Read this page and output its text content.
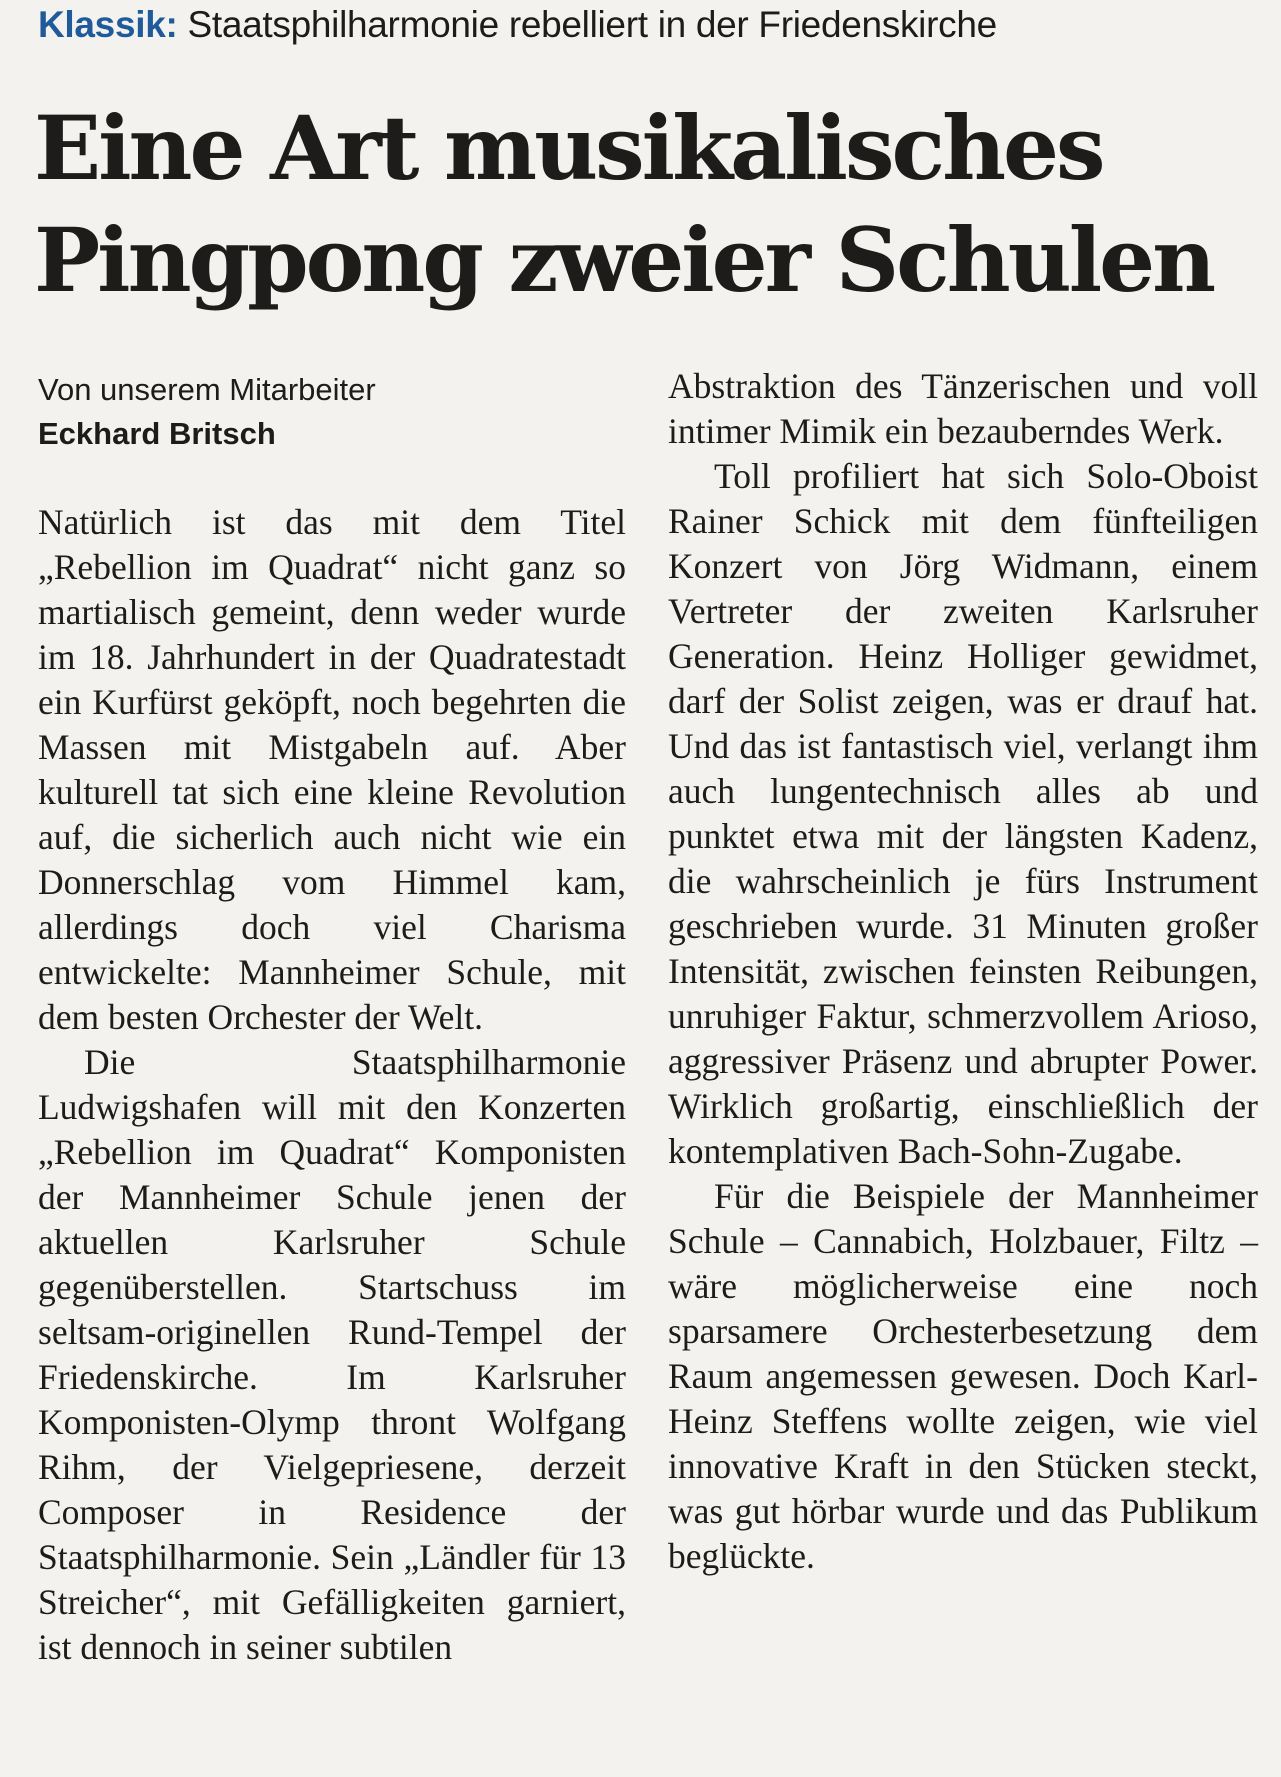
Klassik: Staatsphilharmonie rebelliert in der Friedenskirche
Eine Art musikalisches
Pingpong zweier Schulen
Von unserem Mitarbeiter
Eckhard Britsch

Natürlich ist das mit dem Titel „Rebellion im Quadrat“ nicht ganz so martialisch gemeint, denn weder wurde im 18. Jahrhundert in der Quadratestadt ein Kurfürst geköpft, noch begehrten die Massen mit Mistgabeln auf. Aber kulturell tat sich eine kleine Revolution auf, die sicherlich auch nicht wie ein Donnerschlag vom Himmel kam, allerdings doch viel Charisma entwickelte: Mannheimer Schule, mit dem besten Orchester der Welt.

Die Staatsphilharmonie Ludwigshafen will mit den Konzerten „Rebellion im Quadrat“ Komponisten der Mannheimer Schule jenen der aktuellen Karlsruher Schule gegenüberstellen. Startschuss im seltsam-originellen Rund-Tempel der Friedenskirche. Im Karlsruher Komponisten-Olymp thront Wolfgang Rihm, der Vielgepriesene, derzeit Composer in Residence der Staatsphilharmonie. Sein „Ländler für 13 Streicher“, mit Gefälligkeiten garniert, ist dennoch in seiner subtilen

Abstraktion des Tänzerischen und voll intimer Mimik ein bezauberndes Werk.

Toll profiliert hat sich Solo-Oboist Rainer Schick mit dem fünfteiligen Konzert von Jörg Widmann, einem Vertreter der zweiten Karlsruher Generation. Heinz Holliger gewidmet, darf der Solist zeigen, was er drauf hat. Und das ist fantastisch viel, verlangt ihm auch lungentechnisch alles ab und punktet etwa mit der längsten Kadenz, die wahrscheinlich je fürs Instrument geschrieben wurde. 31 Minuten großer Intensität, zwischen feinsten Reibungen, unruhiger Faktur, schmerzvollem Arioso, aggressiver Präsenz und abrupter Power. Wirklich großartig, einschließlich der kontemplativen Bach-Sohn-Zugabe.

Für die Beispiele der Mannheimer Schule – Cannabich, Holzbauer, Filtz – wäre möglicherweise eine noch sparsamere Orchesterbesetzung dem Raum angemessen gewesen. Doch Karl-Heinz Steffens wollte zeigen, wie viel innovative Kraft in den Stücken steckt, was gut hörbar wurde und das Publikum beglückte.
